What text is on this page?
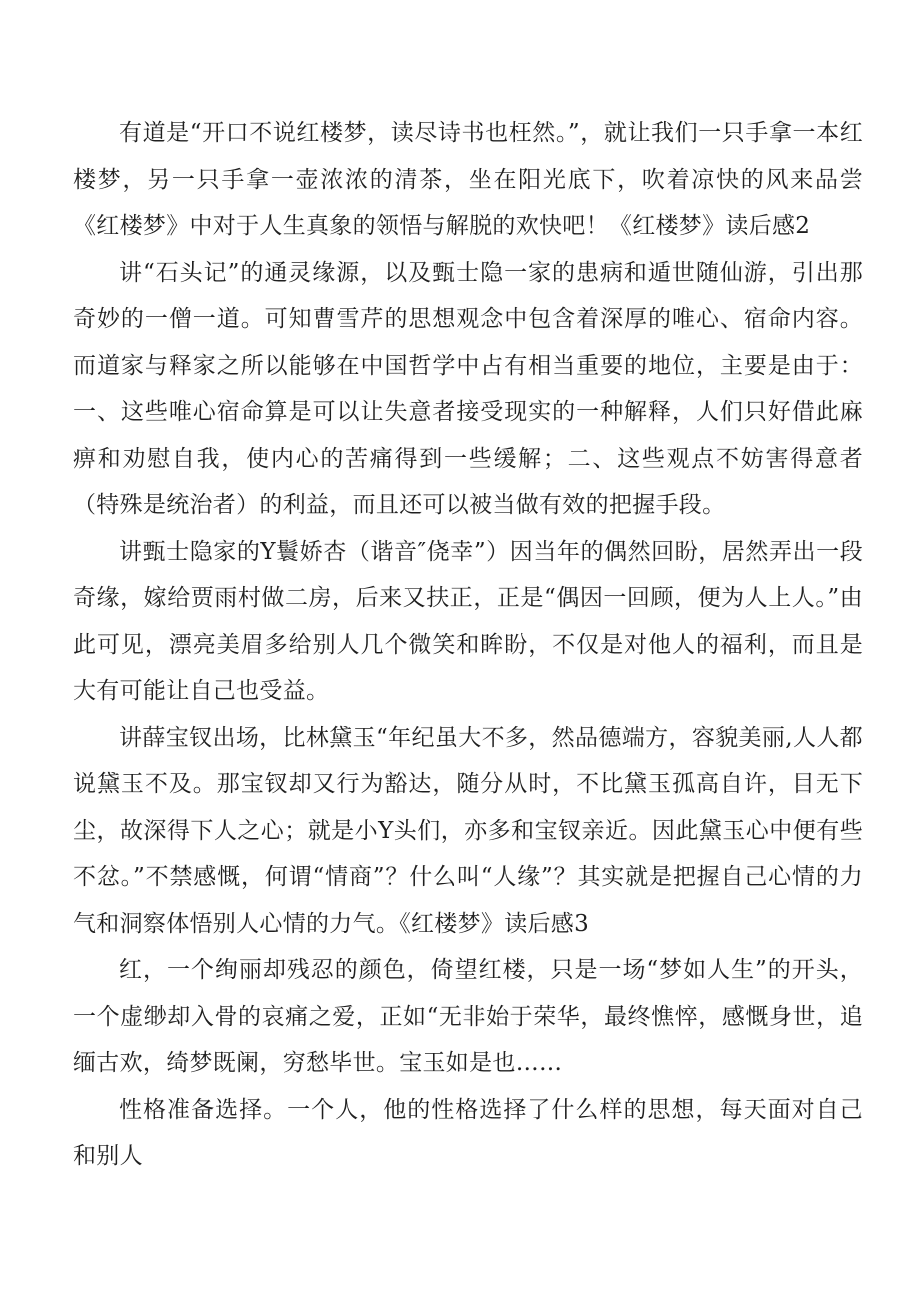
有道是“开口不说红楼梦，读尽诗书也枉然。”，就让我们一只手拿一本红楼梦，另一只手拿一壶浓浓的清茶，坐在阳光底下，吹着凉快的风来品尝《红楼梦》中对于人生真象的领悟与解脱的欢快吧！《红楼梦》读后感2

讲“石头记”的通灵缘源，以及甄士隐一家的患病和遁世随仙游，引出那奇妙的一僧一道。可知曹雪芹的思想观念中包含着深厚的唯心、宿命内容。而道家与释家之所以能够在中国哲学中占有相当重要的地位，主要是由于：一、这些唯心宿命算是可以让失意者接受现实的一种解释，人们只好借此麻痹和劝慰自我，使内心的苦痛得到一些缓解；二、这些观点不妨害得意者（特殊是统治者）的利益，而且还可以被当做有效的把握手段。

讲甄士隐家的Y鬟娇杏（谐音″侥幸”）因当年的偶然回盼，居然弄出一段奇缘，嫁给贾雨村做二房，后来又扶正，正是“偶因一回顾，便为人上人。”由此可见，漂亮美眉多给别人几个微笑和眸盼，不仅是对他人的福利，而且是大有可能让自己也受益。

讲薛宝钗出场，比林黛玉“年纪虽大不多，然品德端方，容貌美丽,人人都说黛玉不及。那宝钗却又行为豁达，随分从时，不比黛玉孤高自许，目无下尘，故深得下人之心；就是小Y头们，亦多和宝钗亲近。因此黛玉心中便有些不忿。”不禁感慨，何谓“情商”？什么叫“人缘”？其实就是把握自己心情的力气和洞察体悟别人心情的力气。《红楼梦》读后感3

红，一个绚丽却残忍的颜色，倚望红楼，只是一场“梦如人生”的开头，一个虚缈却入骨的哀痛之爱，正如“无非始于荣华，最终憔悴，感慨身世，追缅古欢，绮梦既阑，穷愁毕世。宝玉如是也……

性格准备选择。一个人，他的性格选择了什么样的思想，每天面对自己和别人
